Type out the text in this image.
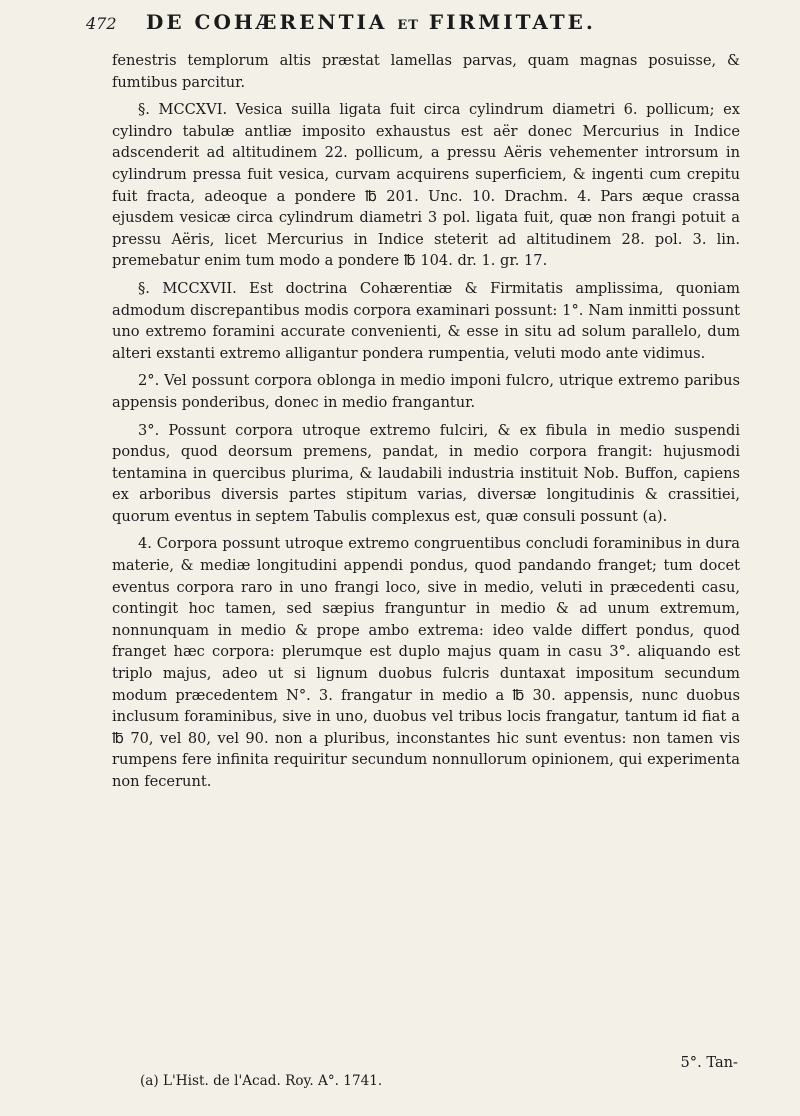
472 DE COHÆRENTIA ET FIRMITATE.

fenestris templorum altis præstat lamellas parvas, quam magnas posuisse, & fumtibus parcitur.

§. MCCXVI. Vesica suilla ligata fuit circa cylindrum diametri 6. pollicum; ex cylindro tabulæ antliæ imposito exhaustus est aër donec Mercurius in Indice adscenderit ad altitudinem 22. pollicum, a pressu Aëris vehementer introrsum in cylindrum pressa fuit vesica, curvam acquirens superficiem, & ingenti cum crepitu fuit fracta, adeoque a pondere ℔ 201. Unc. 10. Drachm. 4. Pars æque crassa ejusdem vesicæ circa cylindrum diametri 3 pol. ligata fuit, quæ non frangi potuit a pressu Aëris, licet Mercurius in Indice steterit ad altitudinem 28. pol. 3. lin. premebatur enim tum modo a pondere ℔ 104. dr. 1. gr. 17.

§. MCCXVII. Est doctrina Cohærentiæ & Firmitatis amplissima, quoniam admodum discrepantibus modis corpora examinari possunt: 1°. Nam inmitti possunt uno extremo foramini accurate convenienti, & esse in situ ad solum parallelo, dum alteri exstanti extremo alligantur pondera rumpentia, veluti modo ante vidimus.

2°. Vel possunt corpora oblonga in medio imponi fulcro, utrique extremo paribus appensis ponderibus, donec in medio frangantur.

3°. Possunt corpora utroque extremo fulciri, & ex fibula in medio suspendi pondus, quod deorsum premens, pandat, in medio corpora frangit: hujusmodi tentamina in quercibus plurima, & laudabili industria instituit Nob. Buffon, capiens ex arboribus diversis partes stipitum varias, diversæ longitudinis & crassitiei, quorum eventus in septem Tabulis complexus est, quæ consuli possunt (a).

4. Corpora possunt utroque extremo congruentibus concludi foraminibus in dura materie, & mediæ longitudini appendi pondus, quod pandando franget; tum docet eventus corpora raro in uno frangi loco, sive in medio, veluti in præcedenti casu, contingit hoc tamen, sed sæpius franguntur in medio & ad unum extremum, nonnunquam in medio & prope ambo extrema: ideo valde differt pondus, quod franget hæc corpora: plerumque est duplo majus quam in casu 3°. aliquando est triplo majus, adeo ut si lignum duobus fulcris duntaxat impositum secundum modum præcedentem N°. 3. frangatur in medio a ℔ 30. appensis, nunc duobus inclusum foraminibus, sive in uno, duobus vel tribus locis frangatur, tantum id fiat a ℔ 70, vel 80, vel 90. non a pluribus, inconstantes hic sunt eventus: non tamen vis rumpens fere infinita requiritur secundum nonnullorum opinionem, qui experimenta non fecerunt.

5°. Tan-
(a) L'Hist. de l'Acad. Roy. A°. 1741.
